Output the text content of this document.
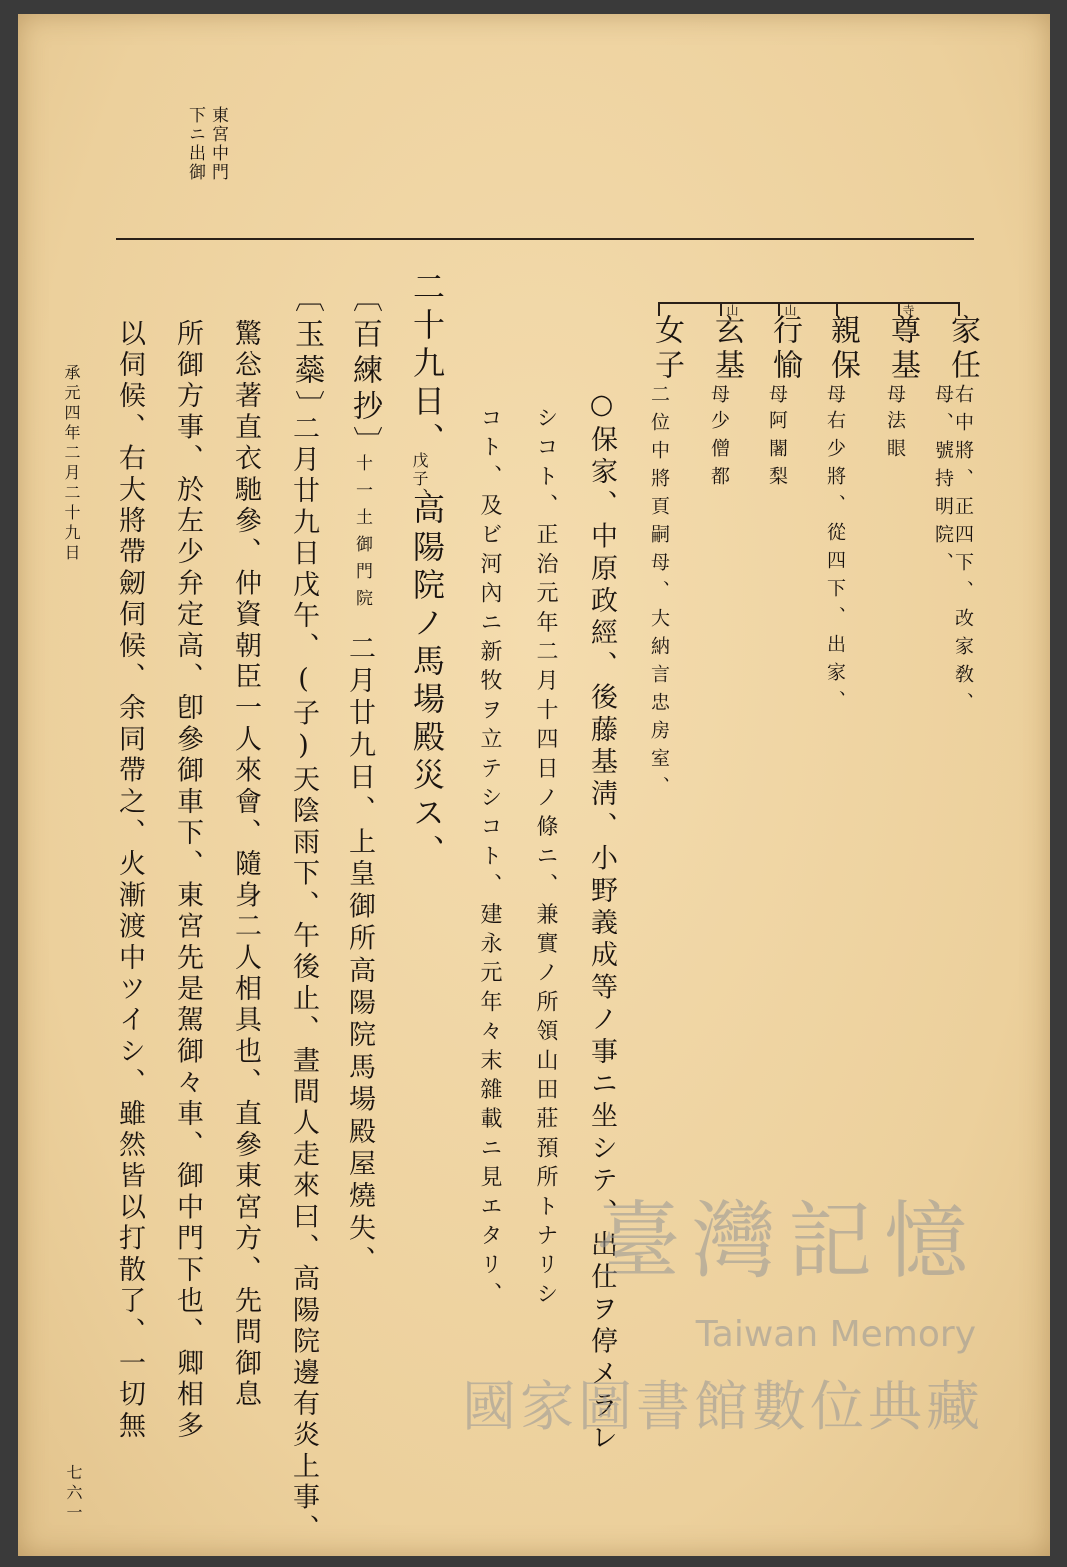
東宮中門
下ニ出御
家任
右中將、正四下、改家敎、
母、號持明院、
寺
尊基
母
法眼
親保
母
右少將、從四下、出家、
山
行愉
母
阿闍梨
山
玄基
母
少僧都
女子
二位中將頁嗣母、大納言忠房室、
○保家、中原政經、後藤基淸、小野義成等ノ事ニ坐シテ、出仕ヲ停メラレ
シコト、正治元年二月十四日ノ條ニ、兼實ノ所領山田莊預所トナリシ
コト、及ビ河內ニ新牧ヲ立テシコト、建永元年々末雜載ニ見エタリ、
二十九日、
戊子、
高陽院ノ馬場殿災ス、
〔百練抄〕
十一土御門院
二月廿九日、上皇御所高陽院馬場殿屋燒失、
〔玉蘂〕
二月廿九日戊午、(子)天陰雨下、午後止、晝間人走來曰、高陽院邊有炎上事、
驚忩著直衣馳參、仲資朝臣一人來會、隨身二人相具也、直參東宮方、先問御息
所御方事、於左少弁定高、卽參御車下、東宮先是駕御々車、御中門下也、卿相多
以伺候、右大將帶劒伺候、余同帶之、火漸渡中ツイシ、雖然皆以打散了、一切無
承元四年二月二十九日
七六一
臺灣記憶
Taiwan Memory
國家圖書館數位典藏
